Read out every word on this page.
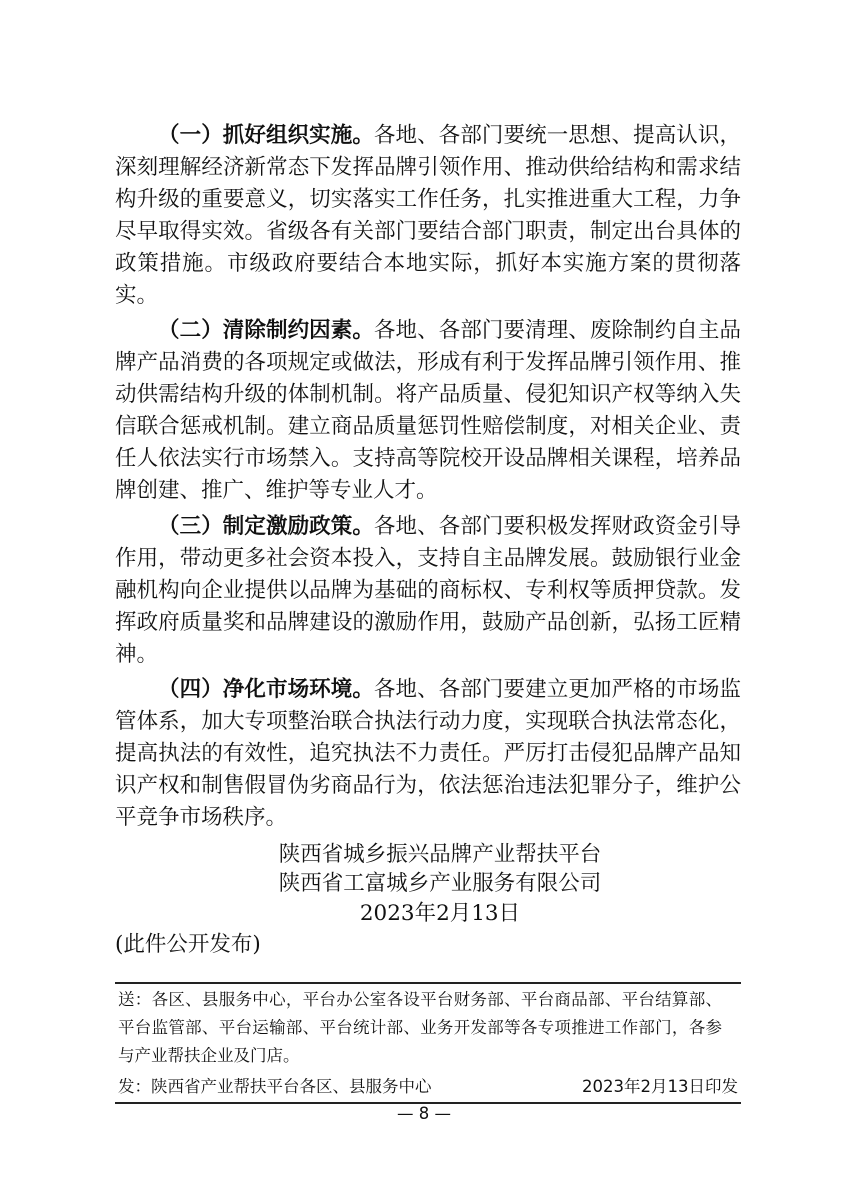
（一）抓好组织实施。各地、各部门要统一思想、提高认识，深刻理解经济新常态下发挥品牌引领作用、推动供给结构和需求结构升级的重要意义，切实落实工作任务，扎实推进重大工程，力争尽早取得实效。省级各有关部门要结合部门职责，制定出台具体的政策措施。市级政府要结合本地实际，抓好本实施方案的贯彻落实。

（二）清除制约因素。各地、各部门要清理、废除制约自主品牌产品消费的各项规定或做法，形成有利于发挥品牌引领作用、推动供需结构升级的体制机制。将产品质量、侵犯知识产权等纳入失信联合惩戒机制。建立商品质量惩罚性赔偿制度，对相关企业、责任人依法实行市场禁入。支持高等院校开设品牌相关课程，培养品牌创建、推广、维护等专业人才。

（三）制定激励政策。各地、各部门要积极发挥财政资金引导作用，带动更多社会资本投入，支持自主品牌发展。鼓励银行业金融机构向企业提供以品牌为基础的商标权、专利权等质押贷款。发挥政府质量奖和品牌建设的激励作用，鼓励产品创新，弘扬工匠精神。

（四）净化市场环境。各地、各部门要建立更加严格的市场监管体系，加大专项整治联合执法行动力度，实现联合执法常态化，提高执法的有效性，追究执法不力责任。严厉打击侵犯品牌产品知识产权和制售假冒伪劣商品行为，依法惩治违法犯罪分子，维护公平竞争市场秩序。

陕西省城乡振兴品牌产业帮扶平台
陕西省工富城乡产业服务有限公司
2023年2月13日
(此件公开发布)
送：各区、县服务中心，平台办公室各设平台财务部、平台商品部、平台结算部、平台监管部、平台运输部、平台统计部、业务开发部等各专项推进工作部门，各参与产业帮扶企业及门店。
发：陕西省产业帮扶平台各区、县服务中心	2023年2月13日印发
— 8 —
